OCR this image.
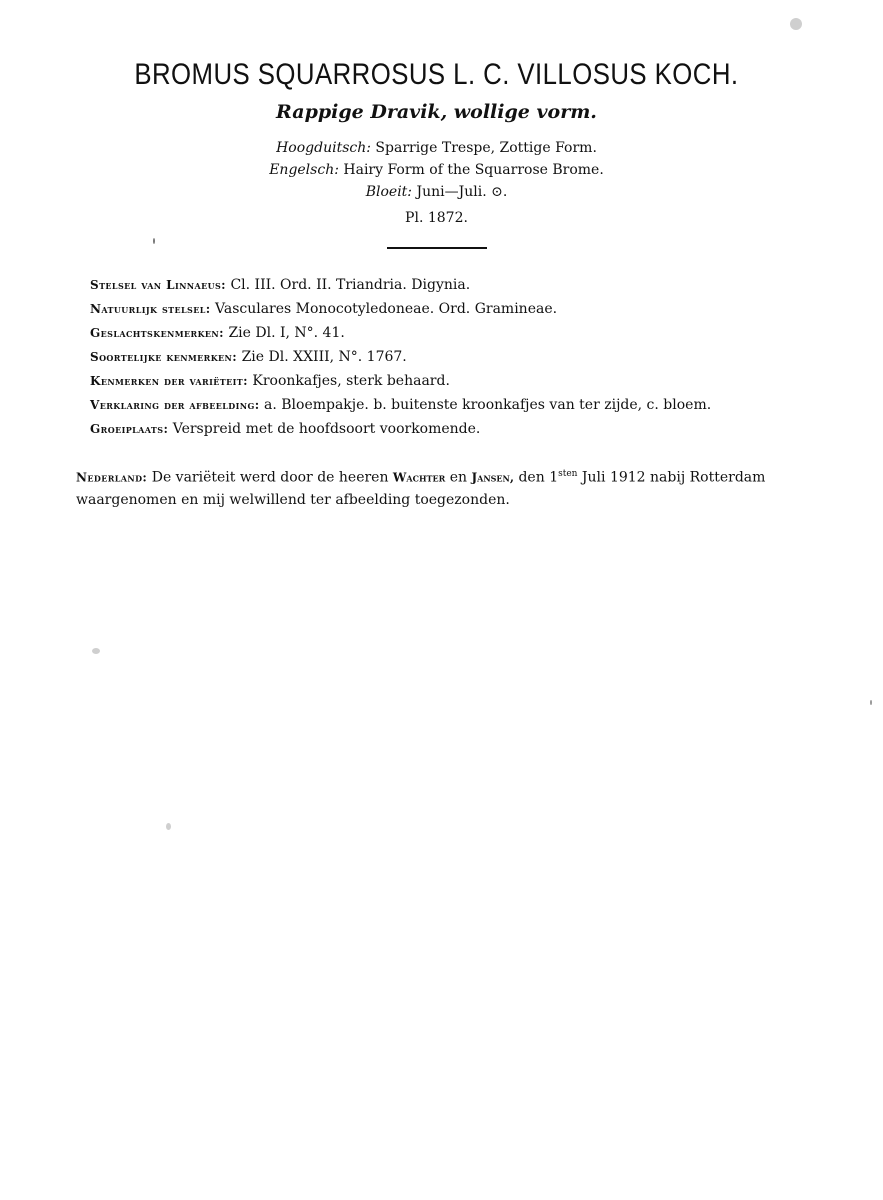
BROMUS SQUARROSUS L. C. VILLOSUS KOCH.
Rappige Dravik, wollige vorm.
Hoogduitsch: Sparrige Trespe, Zottige Form.
Engelsch: Hairy Form of the Squarrose Brome.
Bloeit: Juni—Juli. ⊙.
Pl. 1872.
Stelsel van Linnaeus: Cl. III. Ord. II. Triandria. Digynia.
Natuurlijk stelsel: Vasculares Monocotyledoneae. Ord. Gramineae.
Geslachtskenmerken: Zie Dl. I, N°. 41.
Soortelijke kenmerken: Zie Dl. XXIII, N°. 1767.
Kenmerken der variëteit: Kroonkafjes, sterk behaard.
Verklaring der afbeelding: a. Bloempakje. b. buitenste kroonkafjes van ter zijde, c. bloem.
Groeiplaats: Verspreid met de hoofdsoort voorkomende.
Nederland: De variëteit werd door de heeren Wachter en Jansen, den $1^{sten}$ Juli 1912 nabij Rotterdam waargenomen en mij welwillend ter afbeelding toegezonden.
